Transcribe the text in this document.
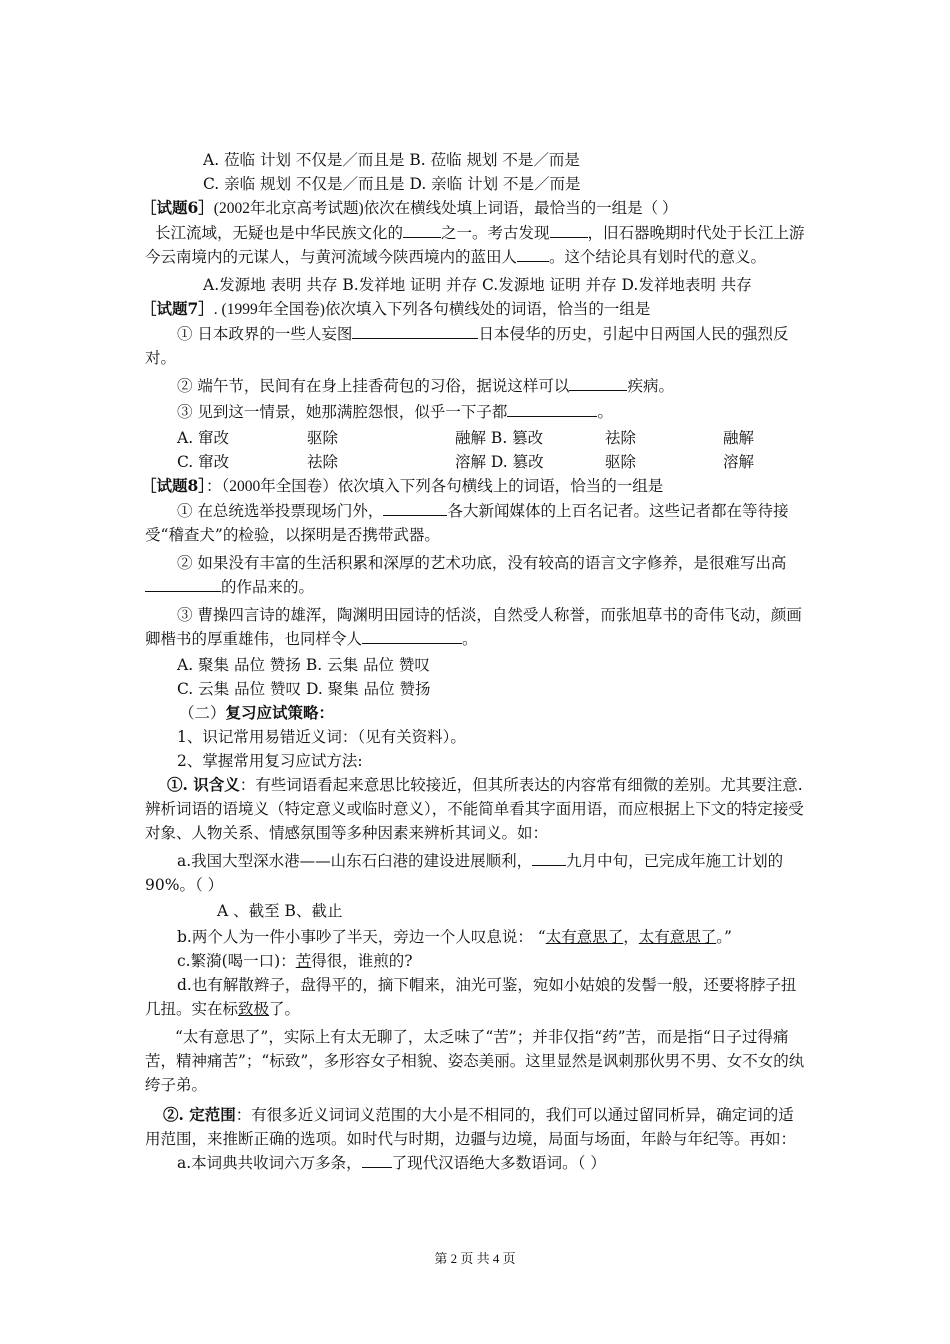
A. 莅临 计划 不仅是／而且是 B. 莅临 规划 不是／而是

C. 亲临 规划 不仅是／而且是 D. 亲临 计划 不是／而是

［试题6］(2002年北京高考试题)依次在横线处填上词语，最恰当的一组是（ ）

长江流域，无疑也是中华民族文化的 之一。考古发现 ，旧石器晚期时代处于长江上游今云南境内的元谋人，与黄河流域今陕西境内的蓝田人 。这个结论具有划时代的意义。

A.发源地 表明 共存 B.发祥地 证明 并存 C.发源地 证明 并存 D.发祥地表明 共存

［试题7］. (1999年全国卷)依次填入下列各句横线处的词语，恰当的一组是

① 日本政界的一些人妄图	日本侵华的历史，引起中日两国人民的强烈反对。

② 端午节，民间有在身上挂香荷包的习俗，据说这样可以	疾病。

③ 见到这一情景，她那满腔怨恨，似乎一下子都	。

A. 窜改	驱除	融解 B. 篡改	祛除	融解

C. 窜改	祛除	溶解 D. 篡改	驱除	溶解

［试题8］：（2000年全国卷）依次填入下列各句横线上的词语，恰当的一组是

① 在总统选举投票现场门外，	各大新闻媒体的上百名记者。这些记者都在等待接受“稽查犬”的检验，以探明是否携带武器。

② 如果没有丰富的生活积累和深厚的艺术功底，没有较高的语言文字修养，是很难写出高的作品来的。

③ 曹操四言诗的雄浑，陶渊明田园诗的恬淡，自然受人称誉，而张旭草书的奇伟飞动，颜画卿楷书的厚重雄伟，也同样令人	。

A. 聚集 品位 赞扬 B. 云集 品位 赞叹

C. 云集 品位 赞叹 D. 聚集 品位 赞扬

（二）复习应试策略：

1、识记常用易错近义词：（见有关资料）。

2、掌握常用复习应试方法:

①. 识含义：有些词语看起来意思比较接近，但其所表达的内容常有细微的差别。尤其要注意.辨析词语的语境义（特定意义或临时意义），不能简单看其字面用语，而应根据上下文的特定接受对象、人物关系、情感氛围等多种因素来辨析其词义。如：

a.我国大型深水港——山东石臼港的建设进展顺利， 九月中旬，已完成年施工计划的90%。（ ）

A 、截至 B、截止

b.两个人为一件小事吵了半天，旁边一个人叹息说： “太有意思了，太有意思了。”

c.繁漪(喝一口)：苦得很，谁煎的?

d.也有解散辫子，盘得平的，摘下帽来，油光可鉴，宛如小姑娘的发髻一般，还要将脖子扭几扭。实在标致极了。

“太有意思了”，实际上有太无聊了，太乏味了“苦”；并非仅指“药”苦，而是指“日子过得痛苦，精神痛苦”；“标致”，多形容女子相貌、姿态美丽。这里显然是讽刺那伙男不男、女不女的纨绔子弟。

②. 定范围：有很多近义词词义范围的大小是不相同的，我们可以通过留同析异，确定词的适用范围，来推断正确的选项。如时代与时期，边疆与边境，局面与场面，年龄与年纪等。再如：

a.本词典共收词六万多条， 了现代汉语绝大多数语词。（ ）

第 2 页 共 4 页
